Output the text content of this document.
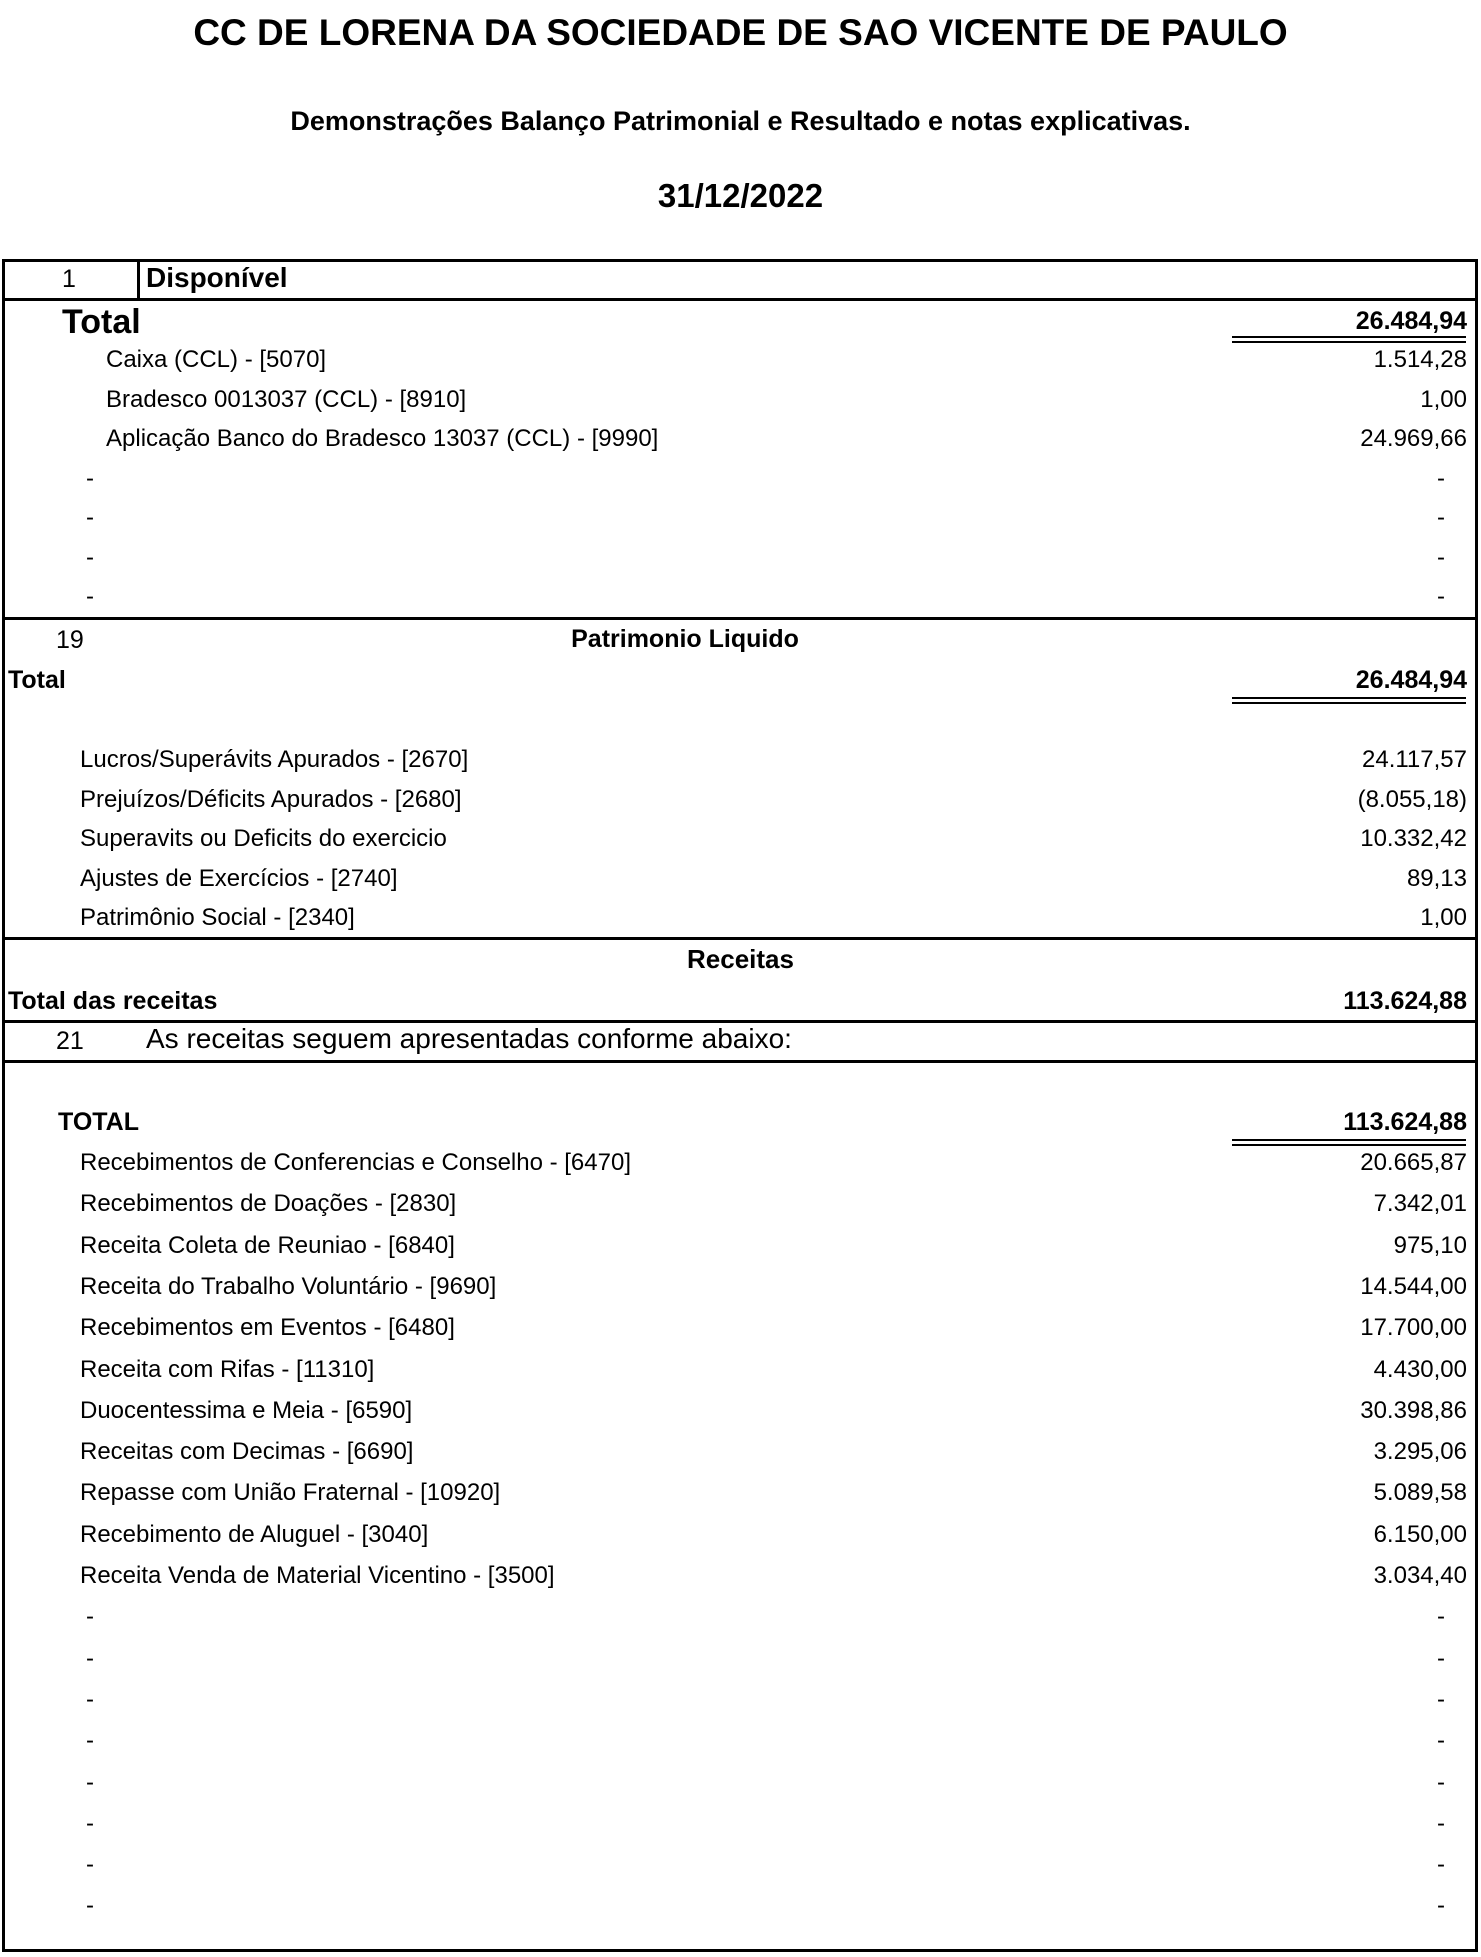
CC DE LORENA DA SOCIEDADE DE SAO VICENTE DE PAULO
Demonstrações Balanço Patrimonial e Resultado e notas explicativas.
31/12/2022
1	Disponível
Total	26.484,94
Caixa (CCL) - [5070]	1.514,28
Bradesco 0013037 (CCL) - [8910]	1,00
Aplicação Banco do Bradesco 13037 (CCL) - [9990]	24.969,66
-	-
-	-
-	-
-	-
19	Patrimonio Liquido
Total	26.484,94
Lucros/Superávits Apurados - [2670]	24.117,57
Prejuízos/Déficits Apurados - [2680]	(8.055,18)
Superavits ou Deficits do exercicio	10.332,42
Ajustes de Exercícios - [2740]	89,13
Patrimônio Social - [2340]	1,00
Receitas
Total das receitas	113.624,88
21 As receitas seguem apresentadas conforme abaixo:
TOTAL	113.624,88
Recebimentos de Conferencias e Conselho - [6470]	20.665,87
Recebimentos de Doações - [2830]	7.342,01
Receita Coleta de Reuniao - [6840]	975,10
Receita do Trabalho Voluntário - [9690]	14.544,00
Recebimentos em Eventos - [6480]	17.700,00
Receita com Rifas - [11310]	4.430,00
Duocentessima e Meia - [6590]	30.398,86
Receitas com Decimas - [6690]	3.295,06
Repasse com União Fraternal - [10920]	5.089,58
Recebimento de Aluguel - [3040]	6.150,00
Receita Venda de Material Vicentino - [3500]	3.034,40
-	-
-	-
-	-
-	-
-	-
-	-
-	-
-	-
